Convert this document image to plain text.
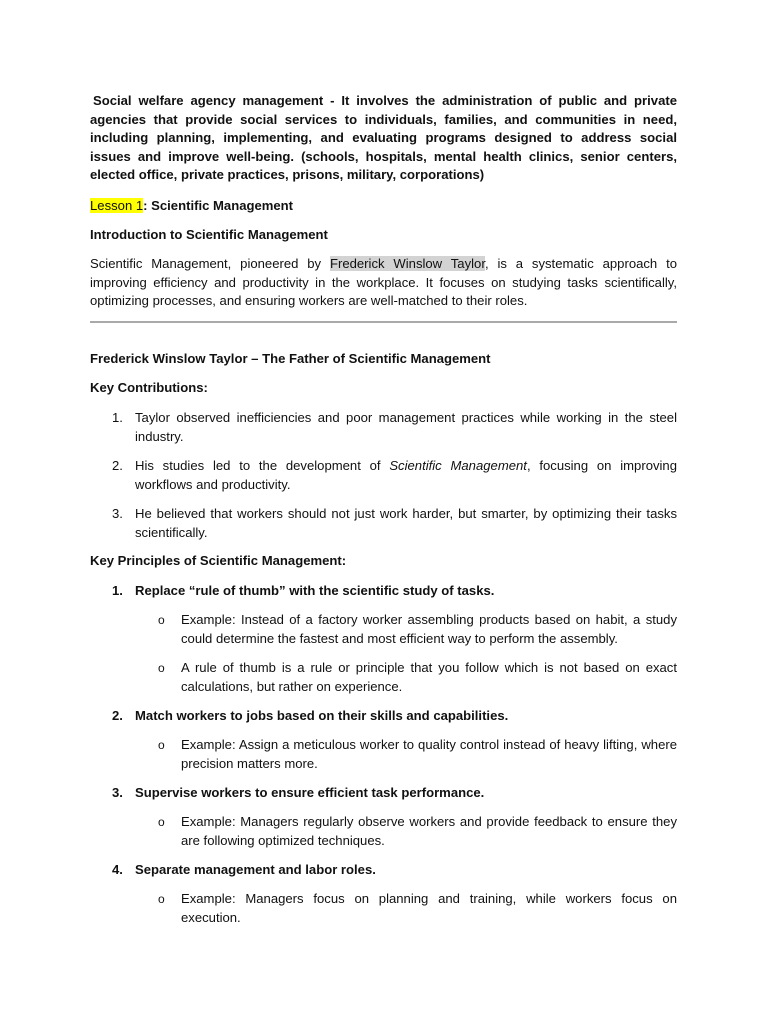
Social welfare agency management - It involves the administration of public and private agencies that provide social services to individuals, families, and communities in need, including planning, implementing, and evaluating programs designed to address social issues and improve well-being. (schools, hospitals, mental health clinics, senior centers, elected office, private practices, prisons, military, corporations)

Lesson 1: Scientific Management
Introduction to Scientific Management
Scientific Management, pioneered by Frederick Winslow Taylor, is a systematic approach to improving efficiency and productivity in the workplace. It focuses on studying tasks scientifically, optimizing processes, and ensuring workers are well-matched to their roles.
Frederick Winslow Taylor – The Father of Scientific Management
Key Contributions:
1. Taylor observed inefficiencies and poor management practices while working in the steel industry.
2. His studies led to the development of Scientific Management, focusing on improving workflows and productivity.
3. He believed that workers should not just work harder, but smarter, by optimizing their tasks scientifically.
Key Principles of Scientific Management:
1. Replace “rule of thumb” with the scientific study of tasks.
o Example: Instead of a factory worker assembling products based on habit, a study could determine the fastest and most efficient way to perform the assembly.
o A rule of thumb is a rule or principle that you follow which is not based on exact calculations, but rather on experience.
2. Match workers to jobs based on their skills and capabilities.
o Example: Assign a meticulous worker to quality control instead of heavy lifting, where precision matters more.
3. Supervise workers to ensure efficient task performance.
o Example: Managers regularly observe workers and provide feedback to ensure they are following optimized techniques.
4. Separate management and labor roles.
o Example: Managers focus on planning and training, while workers focus on execution.
